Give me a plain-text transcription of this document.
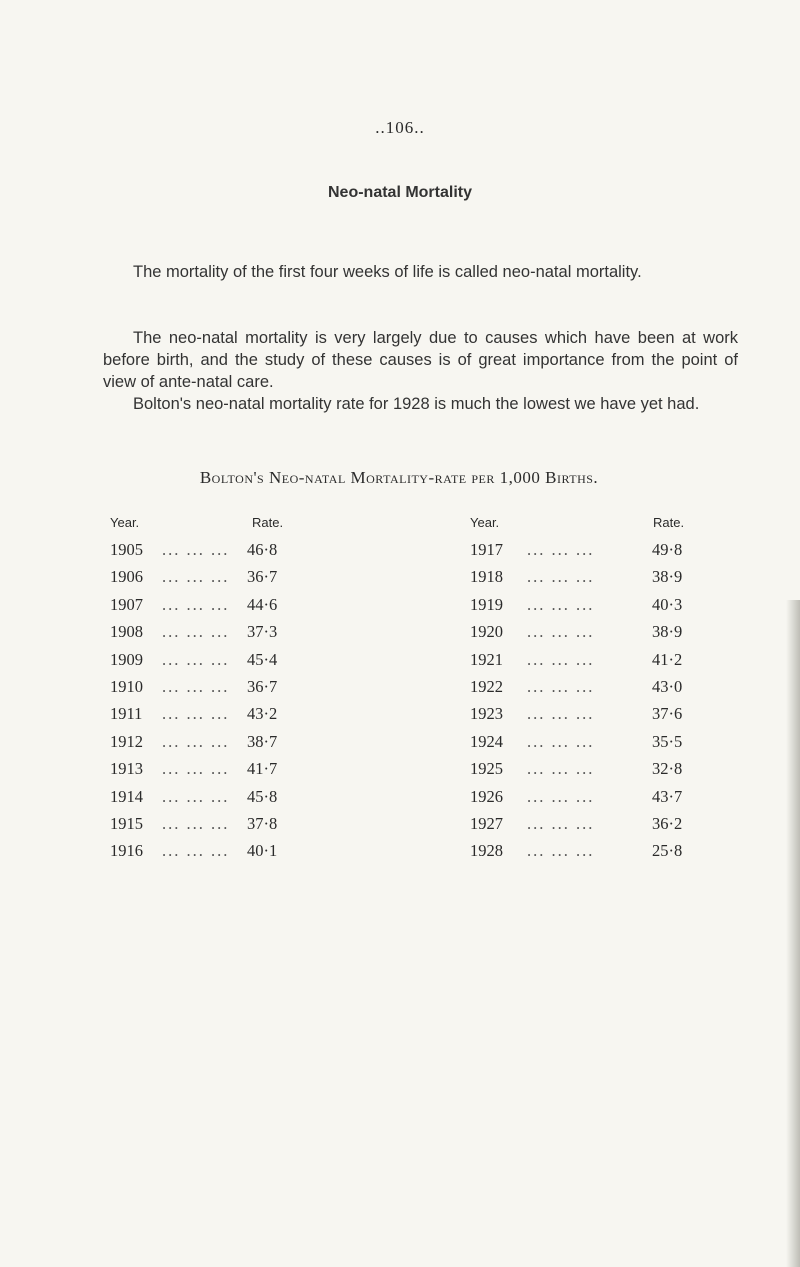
..106..
Neo-natal Mortality

The mortality of the first four weeks of life is called neo-natal mortality.

The neo-natal mortality is very largely due to causes which have been at work before birth, and the study of these causes is of great importance from the point of view of ante-natal care.

Bolton's neo-natal mortality rate for 1928 is much the lowest we have yet had.

Bolton's Neo-natal Mortality-rate per 1,000 Births.
Year.	Rate.	Year.	Rate.
1905 ... ... ... 46·8	1917 ... ... ...	49·8
1906 ... ... ... 36·7	1918 ... ... ...	38·9
1907 ... ... ... 44·6	1919 ... ... ...	40·3
1908 ... ... ... 37·3	1920 ... ... ...	38·9
1909 ... ... ... 45·4	1921 ... ... ...	41·2
1910 ... ... ... 36·7	1922 ... ... ...	43·0
1911 ... ... ... 43·2	1923 ... ... ...	37·6
1912 ... ... ... 38·7	1924 ... ... ...	35·5
1913 ... ... ... 41·7	1925 ... ... ...	32·8
1914 ... ... ... 45·8	1926 ... ... ...	43·7
1915 ... ... ... 37·8	1927 ... ... ...	36·2
1916 ... ... ... 40·1	1928 ... ... ...	25·8
